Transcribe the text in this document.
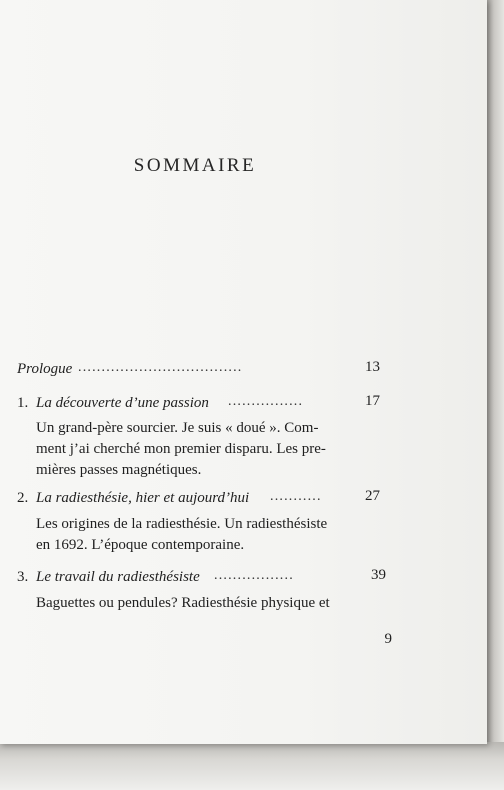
SOMMAIRE
Prologue ...................................	13
1. La découverte d’une passion ................	17
Un grand-père sourcier. Je suis « doué ». Com-
ment j’ai cherché mon premier disparu. Les pre-
mières passes magnétiques.
2. La radiesthésie, hier et aujourd’hui ...........	27
Les origines de la radiesthésie. Un radiesthésiste
en 1692. L’époque contemporaine.
3. Le travail du radiesthésiste .................	39
Baguettes ou pendules? Radiesthésie physique et
9
